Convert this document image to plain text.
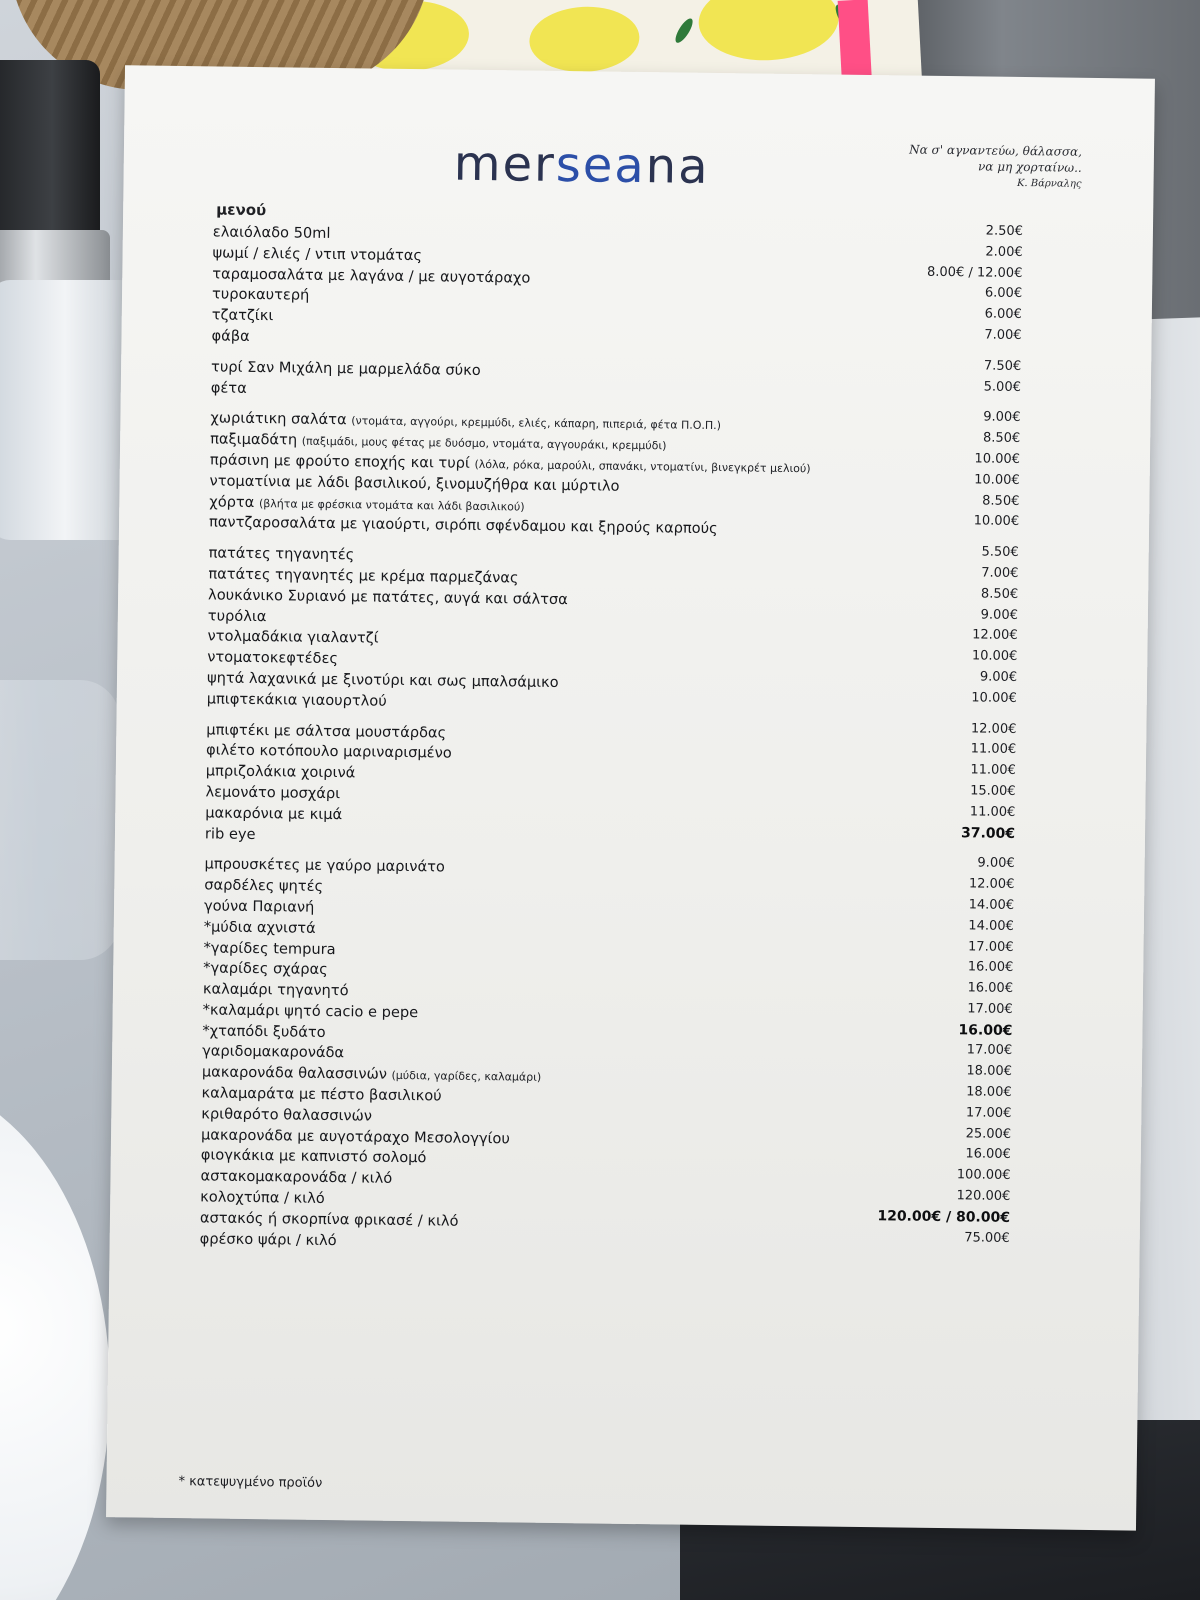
merseana	Να σ' αγναντεύω, θάλασσα,
να μη χορταίνω..
Κ. Βάρναλης
μενού
ελαιόλαδο 50ml	2.50€
ψωμί / ελιές / ντιπ ντομάτας	2.00€
ταραμοσαλάτα με λαγάνα / με αυγοτάραχο	8.00€ / 12.00€
τυροκαυτερή	6.00€
τζατζίκι	6.00€
φάβα	7.00€
τυρί Σαν Μιχάλη με μαρμελάδα σύκο	7.50€
φέτα	5.00€
χωριάτικη σαλάτα (ντομάτα, αγγούρι, κρεμμύδι, ελιές, κάπαρη, πιπεριά, φέτα Π.Ο.Π.)	9.00€
παξιμαδάτη (παξιμάδι, μους φέτας με δυόσμο, ντομάτα, αγγουράκι, κρεμμύδι)	8.50€
πράσινη με φρούτο εποχής και τυρί (λόλα, ρόκα, μαρούλι, σπανάκι, ντοματίνι, βινεγκρέτ μελιού)	10.00€
ντοματίνια με λάδι βασιλικού, ξινομυζήθρα και μύρτιλο	10.00€
χόρτα (βλήτα με φρέσκια ντομάτα και λάδι βασιλικού)	8.50€
παντζαροσαλάτα με γιαούρτι, σιρόπι σφένδαμου και ξηρούς καρπούς	10.00€
πατάτες τηγανητές	5.50€
πατάτες τηγανητές με κρέμα παρμεζάνας	7.00€
λουκάνικο Συριανό με πατάτες, αυγά και σάλτσα	8.50€
τυρόλια	9.00€
ντολμαδάκια γιαλαντζί	12.00€
ντοματοκεφτέδες	10.00€
ψητά λαχανικά με ξινοτύρι και σως μπαλσάμικο	9.00€
μπιφτεκάκια γιαουρτλού	10.00€
μπιφτέκι με σάλτσα μουστάρδας	12.00€
φιλέτο κοτόπουλο μαριναρισμένο	11.00€
μπριζολάκια χοιρινά	11.00€
λεμονάτο μοσχάρι	15.00€
μακαρόνια με κιμά	11.00€
rib eye	37.00€
μπρουσκέτες με γαύρο μαρινάτο	9.00€
σαρδέλες ψητές	12.00€
γούνα Παριανή	14.00€
*μύδια αχνιστά	14.00€
*γαρίδες tempura	17.00€
*γαρίδες σχάρας	16.00€
καλαμάρι τηγανητό	16.00€
*καλαμάρι ψητό cacio e pepe	17.00€
*χταπόδι ξυδάτο	16.00€
γαριδομακαρονάδα	17.00€
μακαρονάδα θαλασσινών (μύδια, γαρίδες, καλαμάρι)	18.00€
καλαμαράτα με πέστο βασιλικού	18.00€
κριθαρότο θαλασσινών	17.00€
μακαρονάδα με αυγοτάραχο Μεσολογγίου	25.00€
φιογκάκια με καπνιστό σολομό	16.00€
αστακομακαρονάδα / κιλό	100.00€
κολοχτύπα / κιλό	120.00€
αστακός ή σκορπίνα φρικασέ / κιλό	120.00€ / 80.00€
φρέσκο ψάρι / κιλό	75.00€
* κατεψυγμένο προϊόν
